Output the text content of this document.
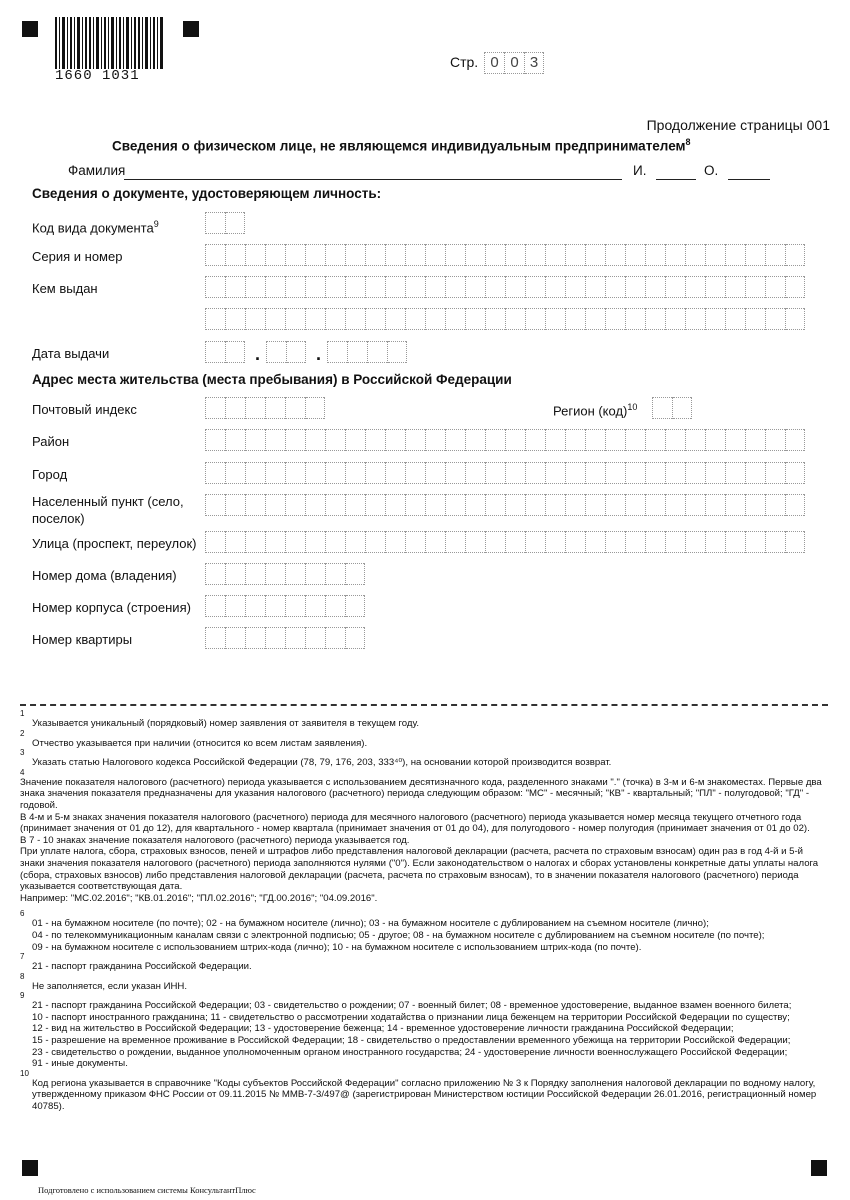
1660 1031
Стр. 0 0 3
Продолжение страницы 001
Сведения о физическом лице, не являющемся индивидуальным предпринимателем$^8$
Фамилия	И.	О.
Сведения о документе, удостоверяющем личность:
Код вида документа$^9$
Серия и номер
Кем выдан
Дата выдачи	.	.
Адрес места жительства (места пребывания) в Российской Федерации
Почтовый индекс	Регион (код)$^{10}$
Район
Город
Населенный пункт (село, поселок)
Улица (проспект, переулок)
Номер дома (владения)
Номер корпуса (строения)
Номер квартиры
1
Указывается уникальный (порядковый) номер заявления от заявителя в текущем году.
2
Отчество указывается при наличии (относится ко всем листам заявления).
3
Указать статью Налогового кодекса Российской Федерации (78, 79, 176, 203, 333⁴⁰), на основании которой производится возврат.
4
Значение показателя налогового (расчетного) периода указывается с использованием десятизначного кода, разделенного знаками "." (точка) в 3-м и 6-м знакоместах. Первые два знака значения показателя предназначены для указания налогового (расчетного) периода следующим образом: "МС" - месячный; "КВ" - квартальный; "ПЛ" - полугодовой; "ГД" - годовой.
В 4-м и 5-м знаках значения показателя налогового (расчетного) периода для месячного налогового (расчетного) периода указывается номер месяца текущего отчетного года (принимает значения от 01 до 12), для квартального - номер квартала (принимает значения от 01 до 04), для полугодового - номер полугодия (принимает значения от 01 до 02).
В 7 - 10 знаках значение показателя налогового (расчетного) периода указывается год.
При уплате налога, сбора, страховых взносов, пеней и штрафов либо представления налоговой декларации (расчета, расчета по страховым взносам) один раз в год 4-й и 5-й знаки значения показателя налогового (расчетного) периода заполняются нулями ("0"). Если законодательством о налогах и сборах установлены конкретные даты уплаты налога (сбора, страховых взносов) либо представления налоговой декларации (расчета, расчета по страховым взносам), то в значении показателя налогового (расчетного) периода указывается соответствующая дата.
Например: "МС.02.2016"; "КВ.01.2016"; "ПЛ.02.2016"; "ГД.00.2016"; "04.09.2016".
6
01 - на бумажном носителе (по почте); 02 - на бумажном носителе (лично); 03 - на бумажном носителе с дублированием на съемном носителе (лично);
04 - по телекоммуникационным каналам связи с электронной подписью; 05 - другое; 08 - на бумажном носителе с дублированием на съемном носителе (по почте);
09 - на бумажном носителе с использованием штрих-кода (лично); 10 - на бумажном носителе с использованием штрих-кода (по почте).
7
21 - паспорт гражданина Российской Федерации.
8
Не заполняется, если указан ИНН.
9
21 - паспорт гражданина Российской Федерации; 03 - свидетельство о рождении; 07 - военный билет; 08 - временное удостоверение, выданное взамен военного билета;
10 - паспорт иностранного гражданина; 11 - свидетельство о рассмотрении ходатайства о признании лица беженцем на территории Российской Федерации по существу;
12 - вид на жительство в Российской Федерации; 13 - удостоверение беженца; 14 - временное удостоверение личности гражданина Российской Федерации;
15 - разрешение на временное проживание в Российской Федерации; 18 - свидетельство о предоставлении временного убежища на территории Российской Федерации;
23 - свидетельство о рождении, выданное уполномоченным органом иностранного государства; 24 - удостоверение личности военнослужащего Российской Федерации;
91 - иные документы.
10
Код региона указывается в справочнике "Коды субъектов Российской Федерации" согласно приложению № 3 к Порядку заполнения налоговой декларации по водному налогу, утвержденному приказом ФНС России от 09.11.2015 № ММВ-7-3/497@ (зарегистрирован Министерством юстиции Российской Федерации 26.01.2016, регистрационный номер 40785).
Подготовлено с использованием системы КонсультантПлюс
